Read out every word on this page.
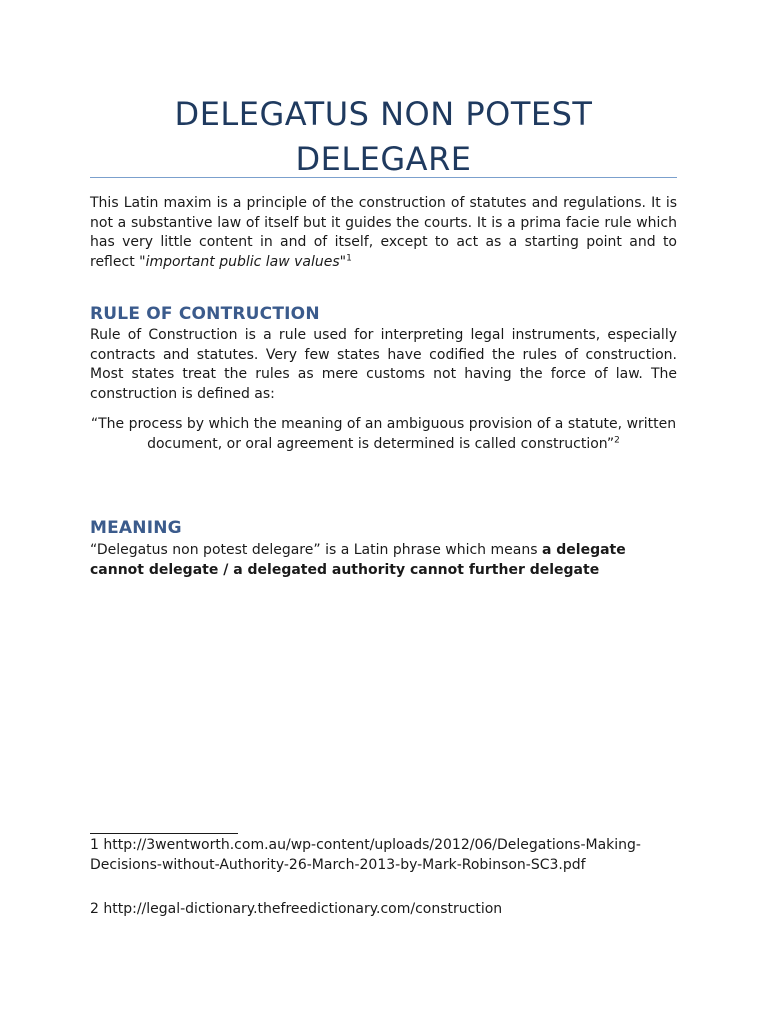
DELEGATUS NON POTEST DELEGARE
This Latin maxim is a principle of the construction of statutes and regulations. It is not a substantive law of itself but it guides the courts. It is a prima facie rule which has very little content in and of itself, except to act as a starting point and to reflect "important public law values"$^1$
RULE OF CONTRUCTION
Rule of Construction is a rule used for interpreting legal instruments, especially contracts and statutes. Very few states have codified the rules of construction. Most states treat the rules as mere customs not having the force of law. The construction is defined as:
“The process by which the meaning of an ambiguous provision of a statute, written document, or oral agreement is determined is called construction”$^2$
MEANING
“Delegatus non potest delegare” is a Latin phrase which means a delegate cannot delegate / a delegated authority cannot further delegate
1 http://3wentworth.com.au/wp-content/uploads/2012/06/Delegations-Making-Decisions-without-Authority-26-March-2013-by-Mark-Robinson-SC3.pdf
2 http://legal-dictionary.thefreedictionary.com/construction
